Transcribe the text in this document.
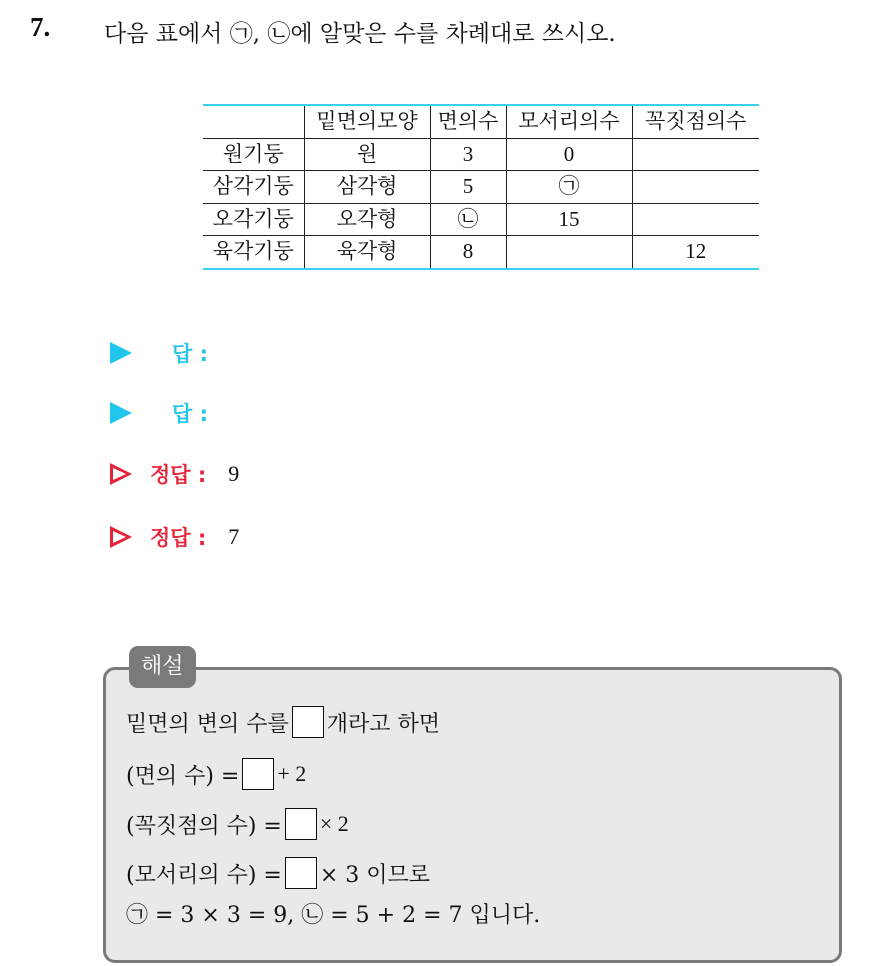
7. 다음 표에서 ㉠, ㉡에 알맞은 수를 차례대로 쓰시오.
	밑면의모양	면의수	모서리의수	꼭짓점의수
원기둥	원	3	0	
삼각기둥	삼각형	5	㉠	
오각기둥	오각형	㉡	15	
육각기둥	육각형	8		12
답 :
답 :
정답 : 9
정답 : 7
해설
밑면의 변의 수를 개라고 하면
(면의 수) = + 2
(꼭짓점의 수) = × 2
(모서리의 수) = × 3 이므로
㉠ = 3 × 3 = 9, ㉡ = 5 + 2 = 7 입니다.
